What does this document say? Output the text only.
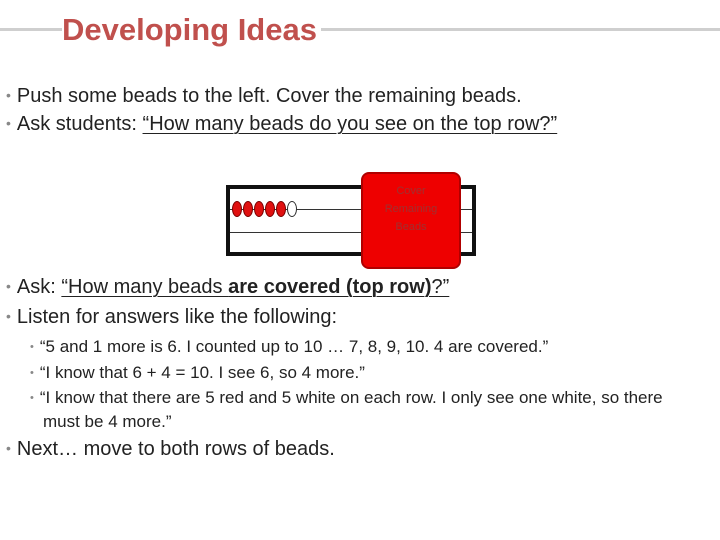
Developing Ideas
• Push some beads to the left. Cover the remaining beads.
• Ask students: “How many beads do you see on the top row?”
Cover
Remaining
Beads
• Ask: “How many beads are covered (top row)?”
• Listen for answers like the following:
• “5 and 1 more is 6. I counted up to 10 … 7, 8, 9, 10. 4 are covered.”
• “I know that 6 + 4 = 10. I see 6, so 4 more.”
• “I know that there are 5 red and 5 white on each row. I only see one white, so there must be 4 more.”
• Next… move to both rows of beads.
